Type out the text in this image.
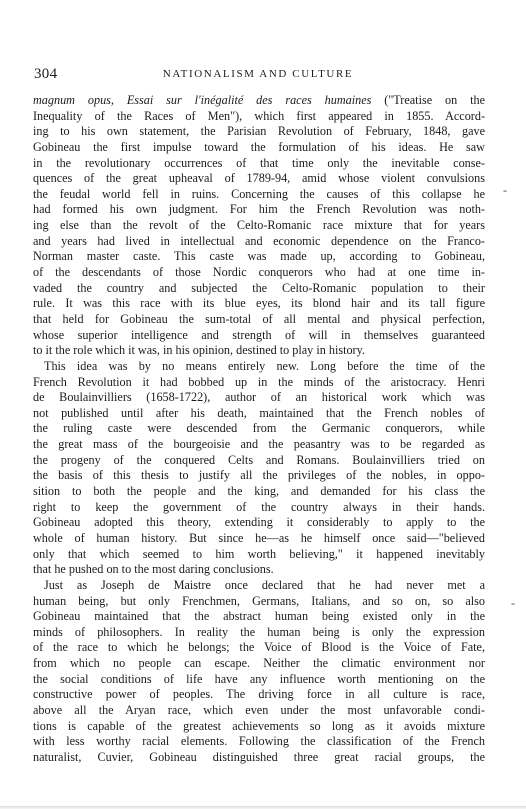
304	NATIONALISM AND CULTURE
magnum opus, Essai sur l'inégalité des races humaines ("Treatise on the
Inequality of the Races of Men"), which first appeared in 1855. Accord-
ing to his own statement, the Parisian Revolution of February, 1848, gave
Gobineau the first impulse toward the formulation of his ideas. He saw
in the revolutionary occurrences of that time only the inevitable conse-
quences of the great upheaval of 1789-94, amid whose violent convulsions
the feudal world fell in ruins. Concerning the causes of this collapse he
had formed his own judgment. For him the French Revolution was noth-
ing else than the revolt of the Celto-Romanic race mixture that for years
and years had lived in intellectual and economic dependence on the Franco-
Norman master caste. This caste was made up, according to Gobineau,
of the descendants of those Nordic conquerors who had at one time in-
vaded the country and subjected the Celto-Romanic population to their
rule. It was this race with its blue eyes, its blond hair and its tall figure
that held for Gobineau the sum-total of all mental and physical perfection,
whose superior intelligence and strength of will in themselves guaranteed
to it the role which it was, in his opinion, destined to play in history.
This idea was by no means entirely new. Long before the time of the
French Revolution it had bobbed up in the minds of the aristocracy. Henri
de Boulainvilliers (1658-1722), author of an historical work which was
not published until after his death, maintained that the French nobles of
the ruling caste were descended from the Germanic conquerors, while
the great mass of the bourgeoisie and the peasantry was to be regarded as
the progeny of the conquered Celts and Romans. Boulainvilliers tried on
the basis of this thesis to justify all the privileges of the nobles, in oppo-
sition to both the people and the king, and demanded for his class the
right to keep the government of the country always in their hands.
Gobineau adopted this theory, extending it considerably to apply to the
whole of human history. But since he—as he himself once said—"believed
only that which seemed to him worth believing," it happened inevitably
that he pushed on to the most daring conclusions.
Just as Joseph de Maistre once declared that he had never met a
human being, but only Frenchmen, Germans, Italians, and so on, so also
Gobineau maintained that the abstract human being existed only in the
minds of philosophers. In reality the human being is only the expression
of the race to which he belongs; the Voice of Blood is the Voice of Fate,
from which no people can escape. Neither the climatic environment nor
the social conditions of life have any influence worth mentioning on the
constructive power of peoples. The driving force in all culture is race,
above all the Aryan race, which even under the most unfavorable condi-
tions is capable of the greatest achievements so long as it avoids mixture
with less worthy racial elements. Following the classification of the French
naturalist, Cuvier, Gobineau distinguished three great racial groups, the
-
-
